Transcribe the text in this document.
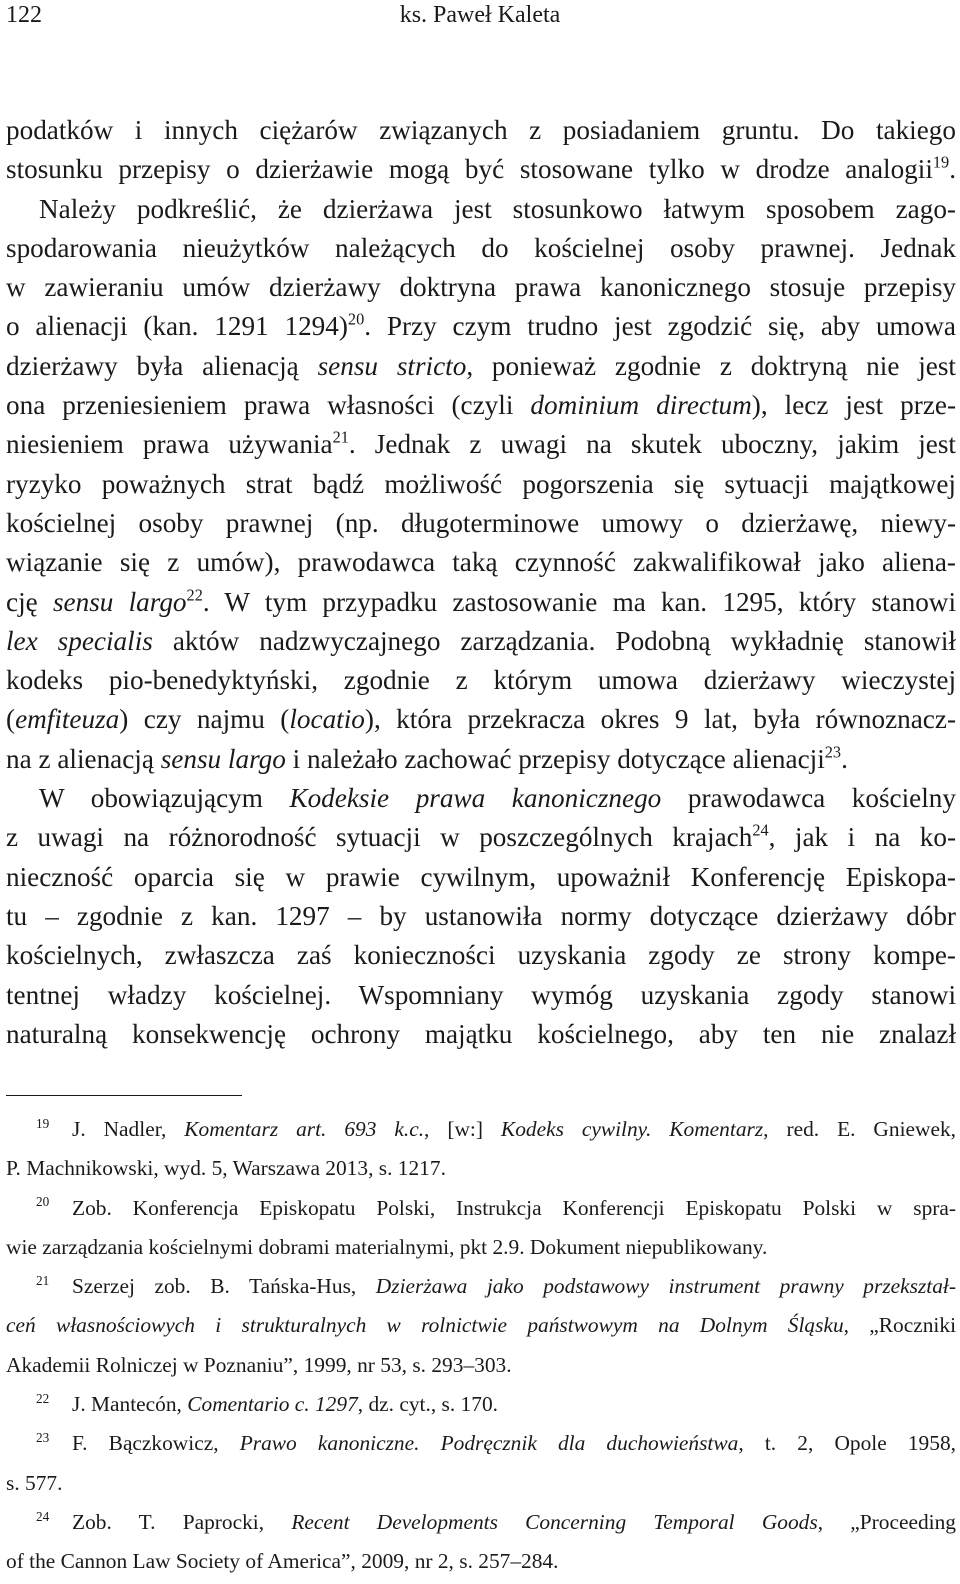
122	ks. Paweł Kaleta
podatków i innych ciężarów związanych z posiadaniem gruntu. Do takiego
stosunku przepisy o dzierżawie mogą być stosowane tylko w drodze analogii$^{19}$.
Należy podkreślić, że dzierżawa jest stosunkowo łatwym sposobem zago-
spodarowania nieużytków należących do kościelnej osoby prawnej. Jednak
w zawieraniu umów dzierżawy doktryna prawa kanonicznego stosuje przepisy
o alienacji (kan. 1291 1294)$^{20}$. Przy czym trudno jest zgodzić się, aby umowa
dzierżawy była alienacją sensu stricto, ponieważ zgodnie z doktryną nie jest
ona przeniesieniem prawa własności (czyli dominium directum), lecz jest prze-
niesieniem prawa używania$^{21}$. Jednak z uwagi na skutek uboczny, jakim jest
ryzyko poważnych strat bądź możliwość pogorszenia się sytuacji majątkowej
kościelnej osoby prawnej (np. długoterminowe umowy o dzierżawę, niewy-
wiązanie się z umów), prawodawca taką czynność zakwalifikował jako aliena-
cję sensu largo$^{22}$. W tym przypadku zastosowanie ma kan. 1295, który stanowi
lex specialis aktów nadzwyczajnego zarządzania. Podobną wykładnię stanowił
kodeks pio-benedyktyński, zgodnie z którym umowa dzierżawy wieczystej
(emfiteuza) czy najmu (locatio), która przekracza okres 9 lat, była równoznacz-
na z alienacją sensu largo i należało zachować przepisy dotyczące alienacji$^{23}$.
W obowiązującym Kodeksie prawa kanonicznego prawodawca kościelny
z uwagi na różnorodność sytuacji w poszczególnych krajach$^{24}$, jak i na ko-
nieczność oparcia się w prawie cywilnym, upoważnił Konferencję Episkopa-
tu – zgodnie z kan. 1297 – by ustanowiła normy dotyczące dzierżawy dóbr
kościelnych, zwłaszcza zaś konieczności uzyskania zgody ze strony kompe-
tentnej władzy kościelnej. Wspomniany wymóg uzyskania zgody stanowi
naturalną konsekwencję ochrony majątku kościelnego, aby ten nie znalazł
19 J. Nadler, Komentarz art. 693 k.c., [w:] Kodeks cywilny. Komentarz, red. E. Gniewek,
P. Machnikowski, wyd. 5, Warszawa 2013, s. 1217.
20 Zob. Konferencja Episkopatu Polski, Instrukcja Konferencji Episkopatu Polski w spra-
wie zarządzania kościelnymi dobrami materialnymi, pkt 2.9. Dokument niepublikowany.
21 Szerzej zob. B. Tańska-Hus, Dzierżawa jako podstawowy instrument prawny przekształ-
ceń własnościowych i strukturalnych w rolnictwie państwowym na Dolnym Śląsku, „Roczniki
Akademii Rolniczej w Poznaniu”, 1999, nr 53, s. 293–303.
22 J. Mantecón, Comentario c. 1297, dz. cyt., s. 170.
23 F. Bączkowicz, Prawo kanoniczne. Podręcznik dla duchowieństwa, t. 2, Opole 1958,
s. 577.
24 Zob. T. Paprocki, Recent Developments Concerning Temporal Goods, „Proceeding
of the Cannon Law Society of America”, 2009, nr 2, s. 257–284.
